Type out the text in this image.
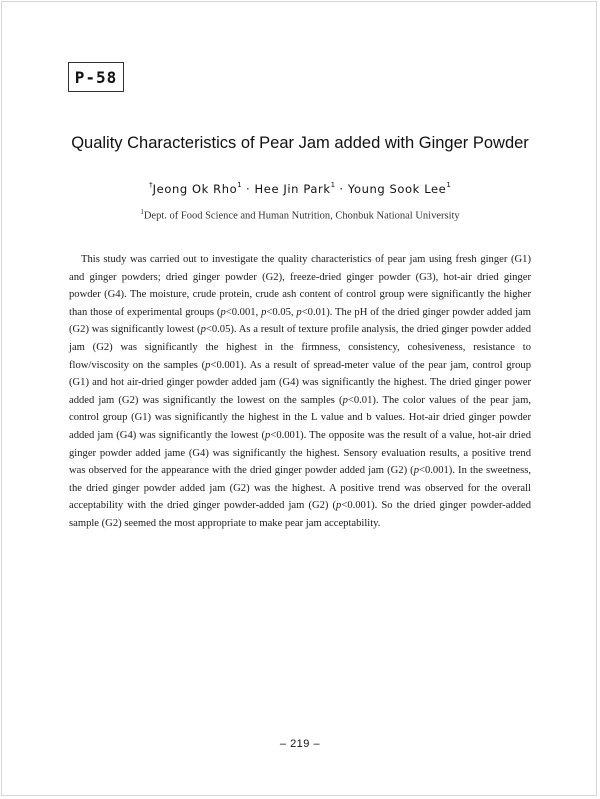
P-58
Quality Characteristics of Pear Jam added with Ginger Powder
†Jeong Ok Rho$^1$ · Hee Jin Park$^1$ · Young Sook Lee$^1$
$^1$Dept. of Food Science and Human Nutrition, Chonbuk National University

This study was carried out to investigate the quality characteristics of pear jam using fresh ginger (G1) and ginger powders; dried ginger powder (G2), freeze-dried ginger powder (G3), hot-air dried ginger powder (G4). The moisture, crude protein, crude ash content of control group were significantly the higher than those of experimental groups (p<0.001, p<0.05, p<0.01). The pH of the dried ginger powder added jam (G2) was significantly lowest (p<0.05). As a result of texture profile analysis, the dried ginger powder added jam (G2) was significantly the highest in the firmness, consistency, cohesiveness, resistance to flow/viscosity on the samples (p<0.001). As a result of spread-meter value of the pear jam, control group (G1) and hot air-dried ginger powder added jam (G4) was significantly the highest. The dried ginger power added jam (G2) was significantly the lowest on the samples (p<0.01). The color values of the pear jam, control group (G1) was significantly the highest in the L value and b values. Hot-air dried ginger powder added jam (G4) was significantly the lowest (p<0.001). The opposite was the result of a value, hot-air dried ginger powder added jame (G4) was significantly the highest. Sensory evaluation results, a positive trend was observed for the appearance with the dried ginger powder added jam (G2) (p<0.001). In the sweetness, the dried ginger powder added jam (G2) was the highest. A positive trend was observed for the overall acceptability with the dried ginger powder-added jam (G2) (p<0.001). So the dried ginger powder-added sample (G2) seemed the most appropriate to make pear jam acceptability.

– 219 –
